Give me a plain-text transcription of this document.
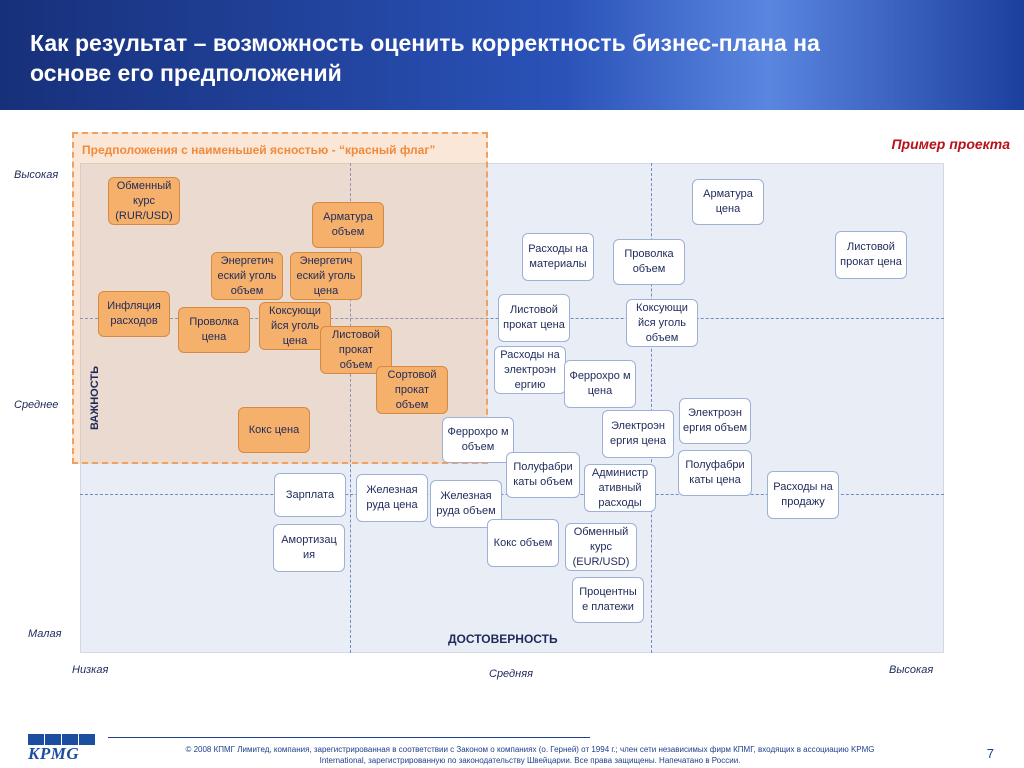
Как результат – возможность оценить корректность бизнес-плана на
основе его предположений
Пример проекта
Предположения с наименьшей ясностью - “красный флаг”
Высокая
Среднее
Малая
ВАЖНОСТЬ
Низкая	Средняя	Высокая
ДОСТОВЕРНОСТЬ
Обменный курс (RUR/USD)	Арматура объем
Энергетич еский уголь объем
Энергетич еский уголь цена
Инфляция расходов	Проволка цена
Коксующи йся уголь цена	Листовой прокат объем
Сортовой прокат объем
Кокс цена
Арматура цена
Расходы на материалы
Проволка объем
Листовой прокат цена
Листовой прокат цена
Коксующи йся уголь объем
Расходы на электроэн ергию
Феррохро м цена
Электроэн ергия объем
Феррохро м объем
Электроэн ергия цена
Полуфабри каты объем
Полуфабри каты цена
Зарплата	Железная руда цена
Железная руда объем
Администр ативный расходы
Расходы на продажу
Амортизац ия
Кокс объем
Обменный курс (EUR/USD)
Процентны е платежи
KPMG	© 2008 КПМГ Лимитед, компания, зарегистрированная в соответствии с Законом о компаниях (о. Герней) от 1994 г.; член сети независимых фирм КПМГ, входящих в ассоциацию KPMG International, зарегистрированную по законодательству Швейцарии. Все права защищены. Напечатано в России.	7
